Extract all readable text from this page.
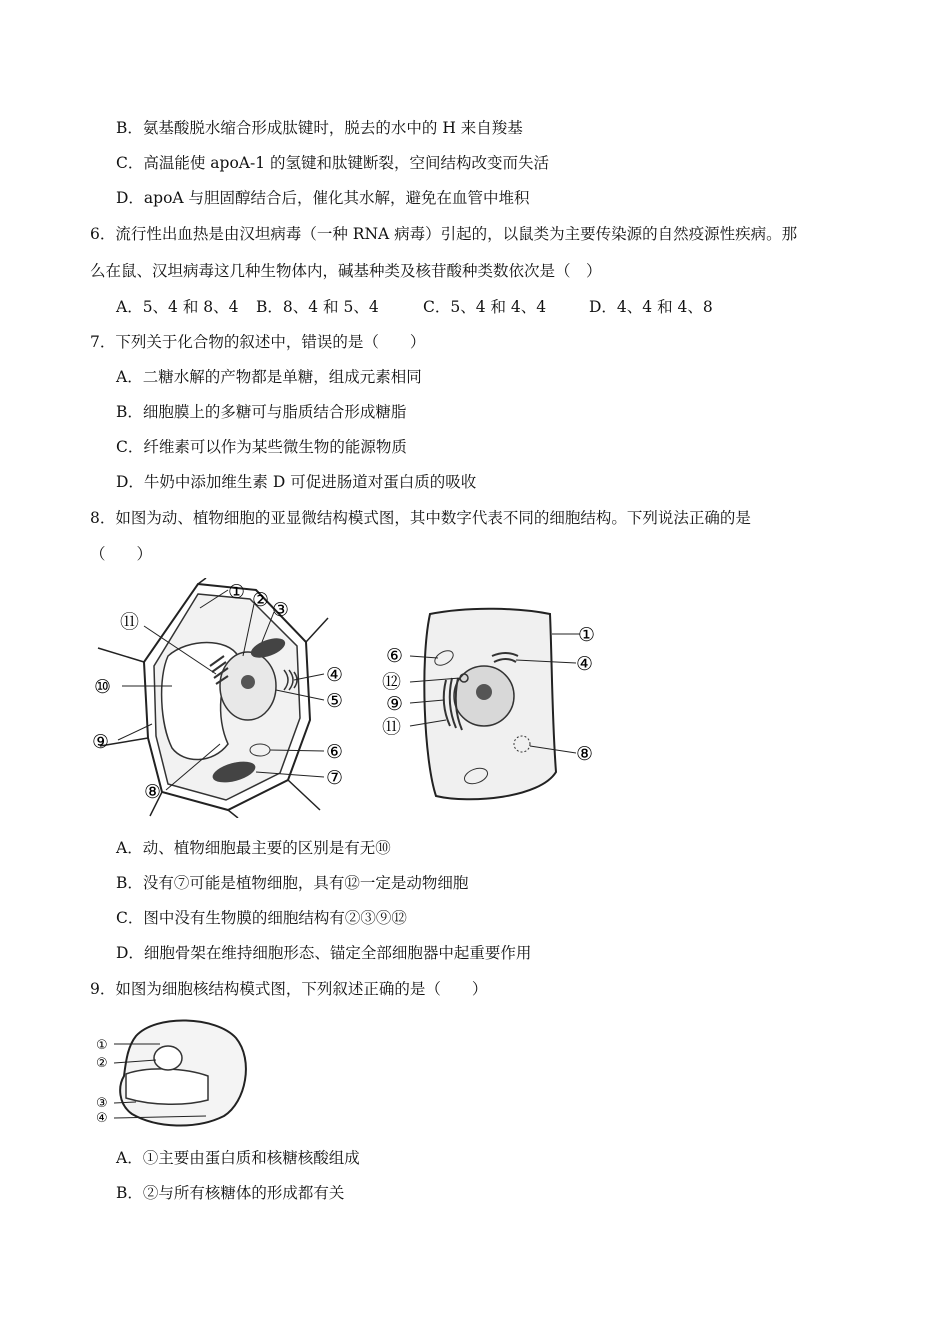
B．氨基酸脱水缩合形成肽键时，脱去的水中的 H 来自羧基
C．高温能使 apoA-1 的氢键和肽键断裂，空间结构改变而失活
D．apoA 与胆固醇结合后，催化其水解，避免在血管中堆积
6．流行性出血热是由汉坦病毒（一种 RNA 病毒）引起的，以鼠类为主要传染源的自然疫源性疾病。那
么在鼠、汉坦病毒这几种生物体内，碱基种类及核苷酸种类数依次是（　）
A．5、4 和 8、4 B．8、4 和 5、4	C．5、4 和 4、4	D．4、4 和 4、8
7．下列关于化合物的叙述中，错误的是（　　）
A．二糖水解的产物都是单糖，组成元素相同
B．细胞膜上的多糖可与脂质结合形成糖脂
C．纤维素可以作为某些微生物的能源物质
D．牛奶中添加维生素 D 可促进肠道对蛋白质的吸收
8．如图为动、植物细胞的亚显微结构模式图，其中数字代表不同的细胞结构。下列说法正确的是
（　　）
① ② ③
④
⑤
⑥
⑦
⑧
⑨
⑩
⑪
①
④
⑥
⑫
⑨
⑪
⑧
A．动、植物细胞最主要的区别是有无⑩
B．没有⑦可能是植物细胞，具有⑫一定是动物细胞
C．图中没有生物膜的细胞结构有②③⑨⑫
D．细胞骨架在维持细胞形态、锚定全部细胞器中起重要作用
9．如图为细胞核结构模式图，下列叙述正确的是（　　）
①
②
③
④
A．①主要由蛋白质和核糖核酸组成
B．②与所有核糖体的形成都有关
